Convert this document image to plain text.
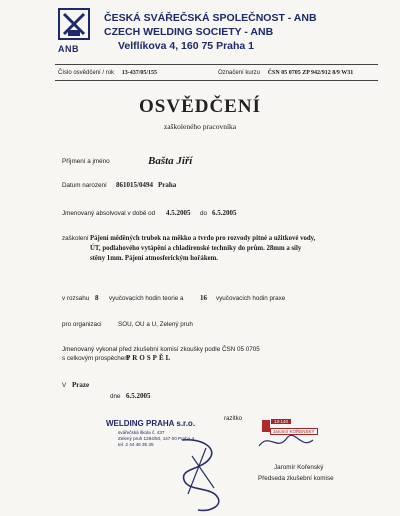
ANB
ČESKÁ SVÁŘEČSKÁ SPOLEČNOST - ANB
CZECH WELDING SOCIETY - ANB
Velflíkova 4, 160 75 Praha 1
Číslo osvědčení / rok 13-437/05/155	Označení kurzu ČSN 05 0705 ZP 942/912 8/9 W31
OSVĚDČENÍ
zaškoleného pracovníka
Příjmení a jméno	Bašta Jiří
Datum narození 861015/0494 Praha
Jmenovaný absolvoval v době od 4.5.2005 do 6.5.2005
zaškolení Pájení měděných trubek na měkko a tvrdo pro rozvody pitné a užitkové vody,
ÚT, podlahového vytápění a chladírenské techniky do prům. 28mm a síly
stěny 1mm. Pájení atmosferickým hořákem.
v rozsahu 8 vyučovacích hodin teorie a 16 vyučovacích hodin praxe
pro organizaci	SOU, OU a U, Zelený pruh
Jmenovaný vykonal před zkušební komisí zkoušky podle ČSN 05 0705
s celkovým prospěchem
PROSPĚL
V Praze
dne 6.5.2005
WELDING PRAHA s.r.o.
svářečská škola č. 437
Zelený pruh 1294/50, 147 00 Praha 4
tel. 2 44 46 35 35
razítko	13-140
Jaromír KOŘENSKÝ
Jaromír Kořenský
Předseda zkušební komise
